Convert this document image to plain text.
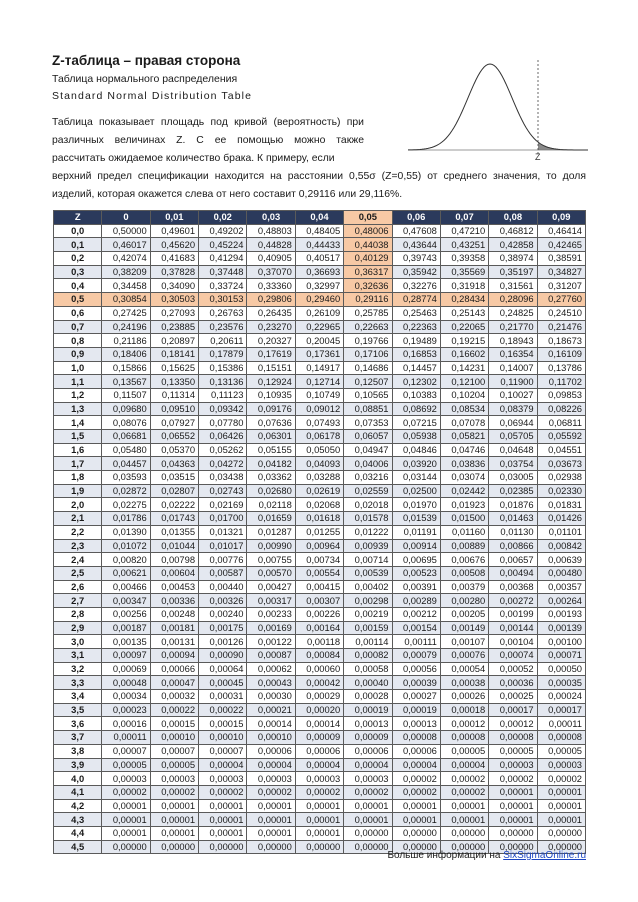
Z-таблица – правая сторона
Таблица нормального распределения
Standard Normal Distribution Table
Z

Таблица показывает площадь под кривой (вероятность) при различных величинах Z. С ее помощью можно также рассчитать ожидаемое количество брака. К примеру, если

верхний предел спецификации находится на расстоянии 0,55σ (Z=0,55) от среднего значения, то доля изделий, которая окажется слева от него составит 0,29116 или 29,116%.

Z	0	0,01	0,02	0,03	0,04	0,05	0,06	0,07	0,08	0,09
0,0	0,50000	0,49601	0,49202	0,48803	0,48405	0,48006	0,47608	0,47210	0,46812	0,46414
0,1	0,46017	0,45620	0,45224	0,44828	0,44433	0,44038	0,43644	0,43251	0,42858	0,42465
0,2	0,42074	0,41683	0,41294	0,40905	0,40517	0,40129	0,39743	0,39358	0,38974	0,38591
0,3	0,38209	0,37828	0,37448	0,37070	0,36693	0,36317	0,35942	0,35569	0,35197	0,34827
0,4	0,34458	0,34090	0,33724	0,33360	0,32997	0,32636	0,32276	0,31918	0,31561	0,31207
0,5	0,30854	0,30503	0,30153	0,29806	0,29460	0,29116	0,28774	0,28434	0,28096	0,27760
0,6	0,27425	0,27093	0,26763	0,26435	0,26109	0,25785	0,25463	0,25143	0,24825	0,24510
0,7	0,24196	0,23885	0,23576	0,23270	0,22965	0,22663	0,22363	0,22065	0,21770	0,21476
0,8	0,21186	0,20897	0,20611	0,20327	0,20045	0,19766	0,19489	0,19215	0,18943	0,18673
0,9	0,18406	0,18141	0,17879	0,17619	0,17361	0,17106	0,16853	0,16602	0,16354	0,16109
1,0	0,15866	0,15625	0,15386	0,15151	0,14917	0,14686	0,14457	0,14231	0,14007	0,13786
1,1	0,13567	0,13350	0,13136	0,12924	0,12714	0,12507	0,12302	0,12100	0,11900	0,11702
1,2	0,11507	0,11314	0,11123	0,10935	0,10749	0,10565	0,10383	0,10204	0,10027	0,09853
1,3	0,09680	0,09510	0,09342	0,09176	0,09012	0,08851	0,08692	0,08534	0,08379	0,08226
1,4	0,08076	0,07927	0,07780	0,07636	0,07493	0,07353	0,07215	0,07078	0,06944	0,06811
1,5	0,06681	0,06552	0,06426	0,06301	0,06178	0,06057	0,05938	0,05821	0,05705	0,05592
1,6	0,05480	0,05370	0,05262	0,05155	0,05050	0,04947	0,04846	0,04746	0,04648	0,04551
1,7	0,04457	0,04363	0,04272	0,04182	0,04093	0,04006	0,03920	0,03836	0,03754	0,03673
1,8	0,03593	0,03515	0,03438	0,03362	0,03288	0,03216	0,03144	0,03074	0,03005	0,02938
1,9	0,02872	0,02807	0,02743	0,02680	0,02619	0,02559	0,02500	0,02442	0,02385	0,02330
2,0	0,02275	0,02222	0,02169	0,02118	0,02068	0,02018	0,01970	0,01923	0,01876	0,01831
2,1	0,01786	0,01743	0,01700	0,01659	0,01618	0,01578	0,01539	0,01500	0,01463	0,01426
2,2	0,01390	0,01355	0,01321	0,01287	0,01255	0,01222	0,01191	0,01160	0,01130	0,01101
2,3	0,01072	0,01044	0,01017	0,00990	0,00964	0,00939	0,00914	0,00889	0,00866	0,00842
2,4	0,00820	0,00798	0,00776	0,00755	0,00734	0,00714	0,00695	0,00676	0,00657	0,00639
2,5	0,00621	0,00604	0,00587	0,00570	0,00554	0,00539	0,00523	0,00508	0,00494	0,00480
2,6	0,00466	0,00453	0,00440	0,00427	0,00415	0,00402	0,00391	0,00379	0,00368	0,00357
2,7	0,00347	0,00336	0,00326	0,00317	0,00307	0,00298	0,00289	0,00280	0,00272	0,00264
2,8	0,00256	0,00248	0,00240	0,00233	0,00226	0,00219	0,00212	0,00205	0,00199	0,00193
2,9	0,00187	0,00181	0,00175	0,00169	0,00164	0,00159	0,00154	0,00149	0,00144	0,00139
3,0	0,00135	0,00131	0,00126	0,00122	0,00118	0,00114	0,00111	0,00107	0,00104	0,00100
3,1	0,00097	0,00094	0,00090	0,00087	0,00084	0,00082	0,00079	0,00076	0,00074	0,00071
3,2	0,00069	0,00066	0,00064	0,00062	0,00060	0,00058	0,00056	0,00054	0,00052	0,00050
3,3	0,00048	0,00047	0,00045	0,00043	0,00042	0,00040	0,00039	0,00038	0,00036	0,00035
3,4	0,00034	0,00032	0,00031	0,00030	0,00029	0,00028	0,00027	0,00026	0,00025	0,00024
3,5	0,00023	0,00022	0,00022	0,00021	0,00020	0,00019	0,00019	0,00018	0,00017	0,00017
3,6	0,00016	0,00015	0,00015	0,00014	0,00014	0,00013	0,00013	0,00012	0,00012	0,00011
3,7	0,00011	0,00010	0,00010	0,00010	0,00009	0,00009	0,00008	0,00008	0,00008	0,00008
3,8	0,00007	0,00007	0,00007	0,00006	0,00006	0,00006	0,00006	0,00005	0,00005	0,00005
3,9	0,00005	0,00005	0,00004	0,00004	0,00004	0,00004	0,00004	0,00004	0,00003	0,00003
4,0	0,00003	0,00003	0,00003	0,00003	0,00003	0,00003	0,00002	0,00002	0,00002	0,00002
4,1	0,00002	0,00002	0,00002	0,00002	0,00002	0,00002	0,00002	0,00002	0,00001	0,00001
4,2	0,00001	0,00001	0,00001	0,00001	0,00001	0,00001	0,00001	0,00001	0,00001	0,00001
4,3	0,00001	0,00001	0,00001	0,00001	0,00001	0,00001	0,00001	0,00001	0,00001	0,00001
4,4	0,00001	0,00001	0,00001	0,00001	0,00001	0,00000	0,00000	0,00000	0,00000	0,00000
4,5	0,00000	0,00000	0,00000	0,00000	0,00000	0,00000	0,00000	0,00000	0,00000	0,00000
Больше информации на SixSigmaOnline.ru
